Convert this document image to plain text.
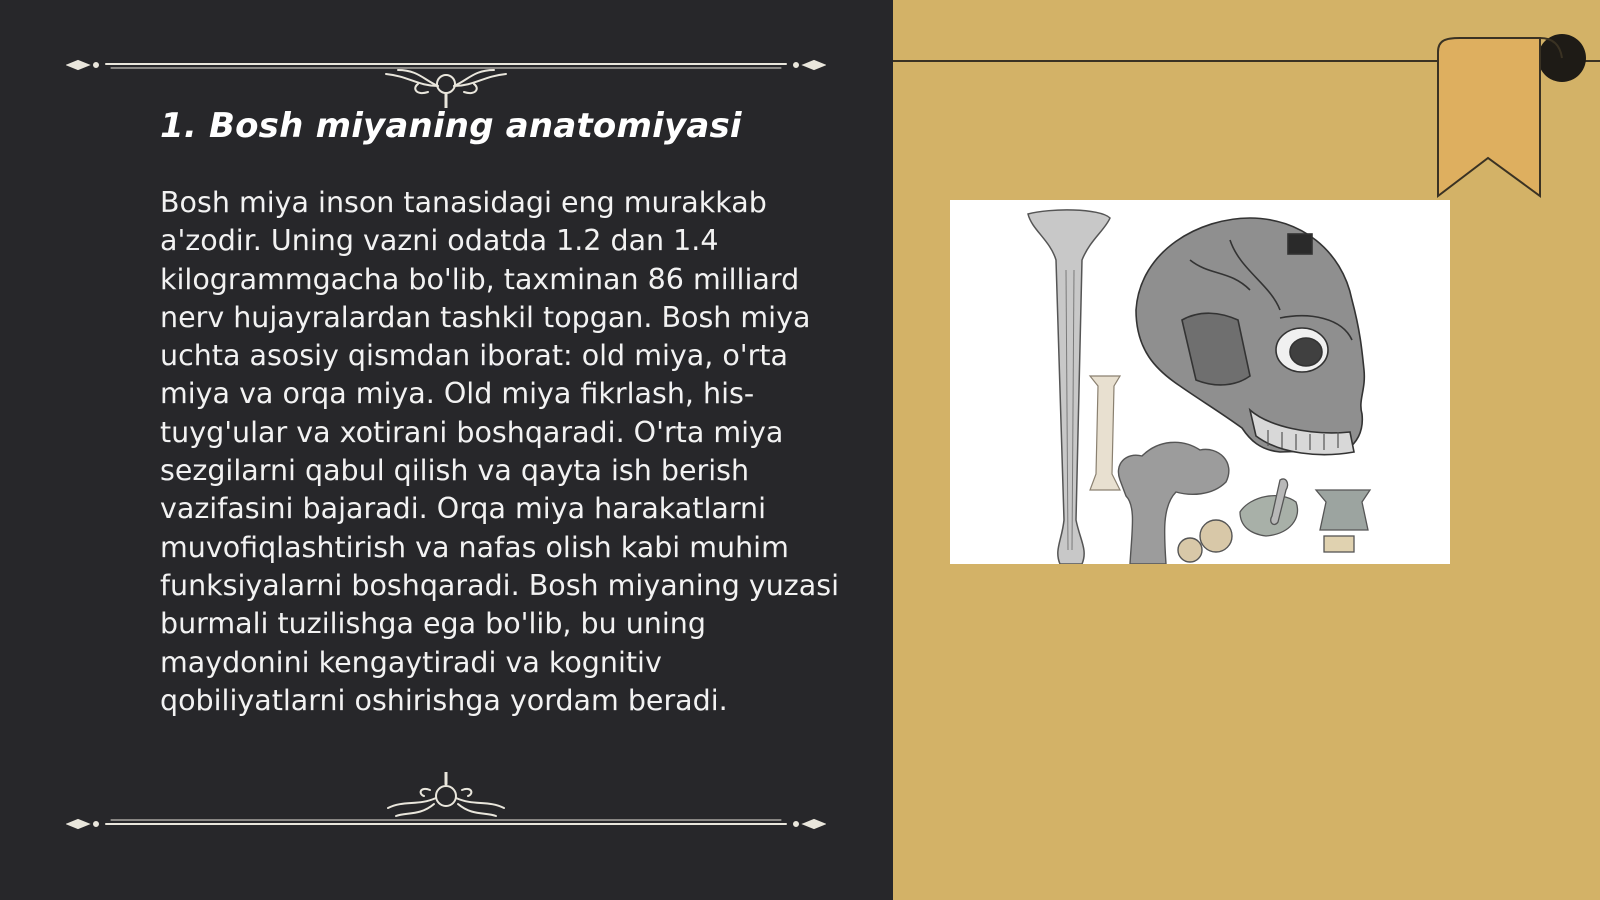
1. Bosh miyaning anatomiyasi

Bosh miya inson tanasidagi eng murakkab a'zodir. Uning vazni odatda 1.2 dan 1.4 kilogrammgacha bo'lib, taxminan 86 milliard nerv hujayralardan tashkil topgan. Bosh miya uchta asosiy qismdan iborat: old miya, o'rta miya va orqa miya. Old miya fikrlash, his-tuyg'ular va xotirani boshqaradi. O'rta miya sezgilarni qabul qilish va qayta ish berish vazifasini bajaradi. Orqa miya harakatlarni muvofiqlashtirish va nafas olish kabi muhim funksiyalarni boshqaradi. Bosh miyaning yuzasi burmali tuzilishga ega bo'lib, bu uning maydonini kengaytiradi va kognitiv qobiliyatlarni oshirishga yordam beradi.
